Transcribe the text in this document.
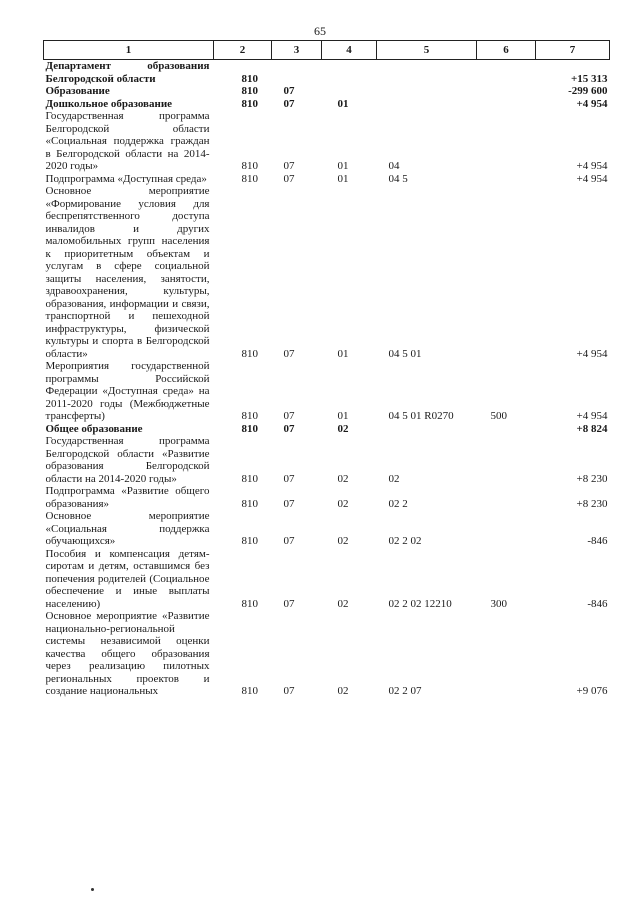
65
1	2	3	4	5	6	7
Департамент образования Белгородской области	810					+15 313
Образование	810	07				-299 600
Дошкольное образование	810	07	01			+4 954
Государственная программа Белгородской области «Социальная поддержка граждан в Белгородской области на 2014-2020 годы»	810	07	01	04		+4 954
Подпрограмма «Доступная среда»	810	07	01	04 5		+4 954
Основное мероприятие «Формирование условия для беспрепятственного доступа инвалидов и других маломобильных групп населения к приоритетным объектам и услугам в сфере социальной защиты населения, занятости, здравоохранения, культуры, образования, информации и связи, транспортной и пешеходной инфраструктуры, физической культуры и спорта в Белгородской области»	810	07	01	04 5 01		+4 954
Мероприятия государственной программы Российской Федерации «Доступная среда» на 2011-2020 годы (Межбюджетные трансферты)	810	07	01	04 5 01 R0270	500	+4 954
Общее образование	810	07	02			+8 824
Государственная программа Белгородской области «Развитие образования Белгородской области на 2014-2020 годы»	810	07	02	02		+8 230
Подпрограмма «Развитие общего образования»	810	07	02	02 2		+8 230
Основное мероприятие «Социальная поддержка обучающихся»	810	07	02	02 2 02		-846
Пособия и компенсация детям-сиротам и детям, оставшимся без попечения родителей (Социальное обеспечение и иные выплаты населению)	810	07	02	02 2 02 12210	300	-846
Основное мероприятие «Развитие национально-региональной системы независимой оценки качества общего образования через реализацию пилотных региональных проектов и создание национальных	810	07	02	02 2 07		+9 076
